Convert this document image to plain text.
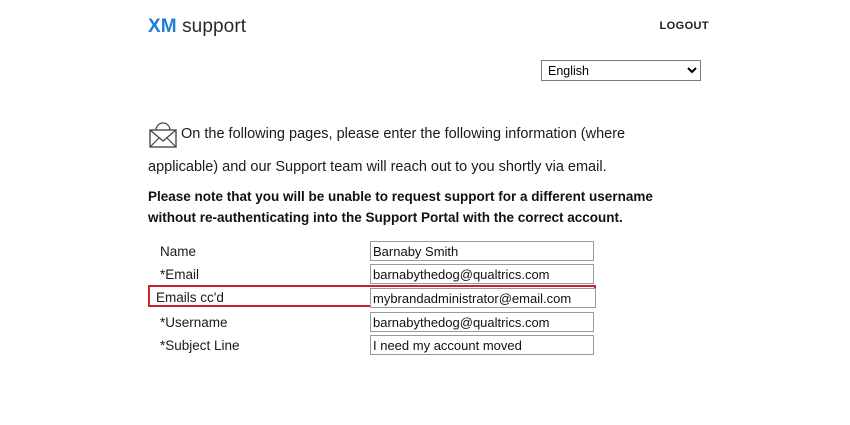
XM support	LOGOUT
English
On the following pages, please enter the following information (where applicable) and our Support team will reach out to you shortly via email.
Please note that you will be unable to request support for a different username without re-authenticating into the Support Portal with the correct account.
Name
Barnaby Smith
*Email
barnabythedog@qualtrics.com
Emails cc'd
mybrandadministrator@email.com
*Username
barnabythedog@qualtrics.com
*Subject Line
I need my account moved
